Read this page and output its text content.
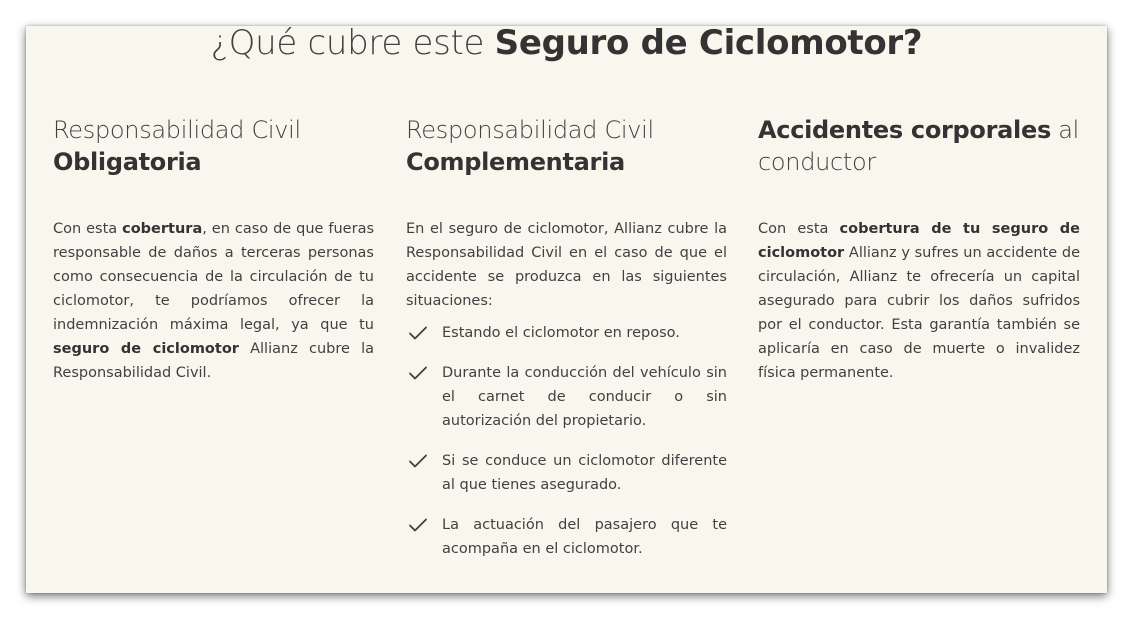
¿Qué cubre este Seguro de Ciclomotor?
Responsabilidad Civil
Obligatoria

Con esta cobertura, en caso de que fueras responsable de daños a terceras personas como consecuencia de la circulación de tu ciclomotor, te podríamos ofrecer la indemnización máxima legal, ya que tu seguro de ciclomotor Allianz cubre la Responsabilidad Civil.

Responsabilidad Civil
Complementaria

En el seguro de ciclomotor, Allianz cubre la Responsabilidad Civil en el caso de que el accidente se produzca en las siguientes situaciones:

Estando el ciclomotor en reposo.
Durante la conducción del vehículo sin el carnet de conducir o sin autorización del propietario.
Si se conduce un ciclomotor diferente al que tienes asegurado.
La actuación del pasajero que te acompaña en el ciclomotor.
Accidentes corporales al conductor

Con esta cobertura de tu seguro de ciclomotor Allianz y sufres un accidente de circulación, Allianz te ofrecería un capital asegurado para cubrir los daños sufridos por el conductor. Esta garantía también se aplicaría en caso de muerte o invalidez física permanente.
